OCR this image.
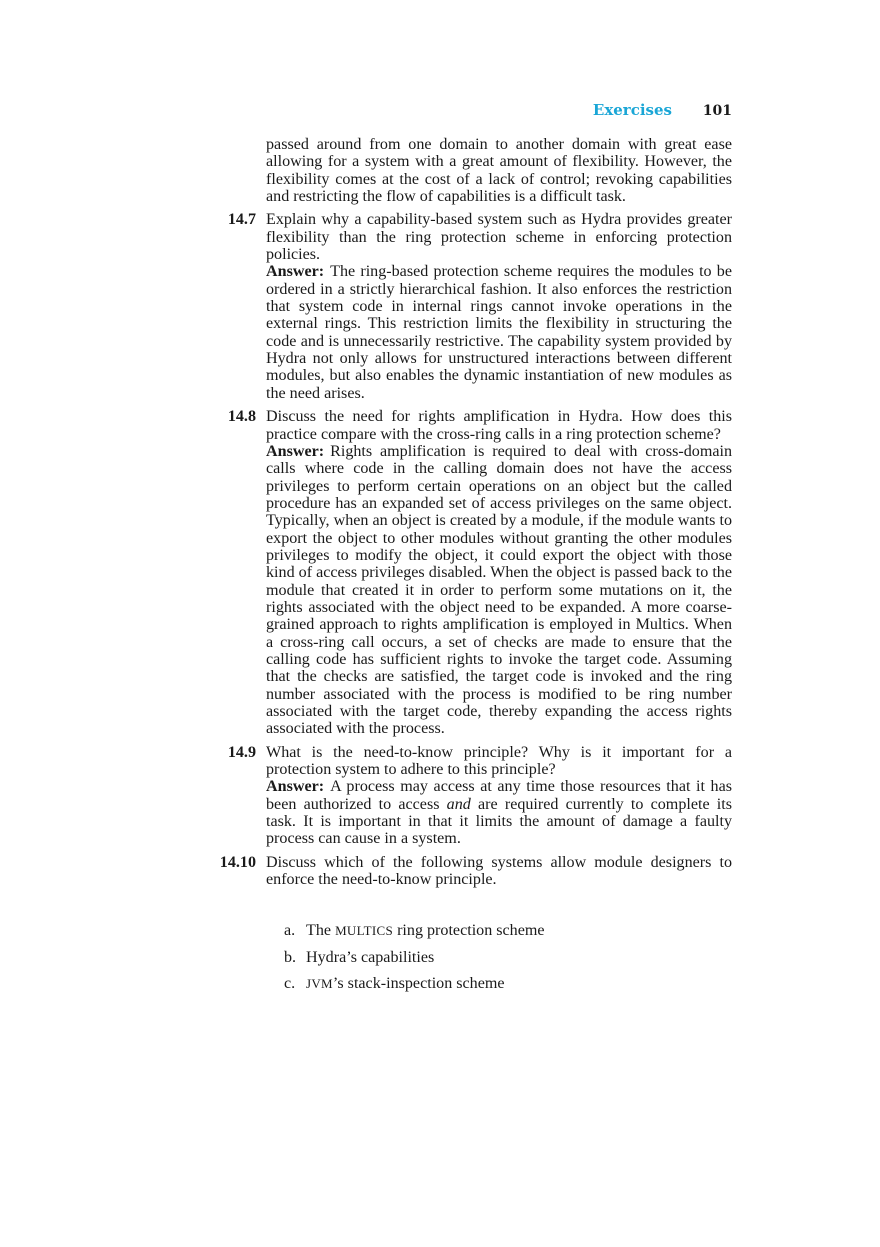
Exercises 101

passed around from one domain to another domain with great ease allowing for a system with a great amount of flexibility. However, the flexibility comes at the cost of a lack of control; revoking capabilities and restricting the flow of capabilities is a difficult task.

14.7 Explain why a capability-based system such as Hydra provides greater flexibility than the ring protection scheme in enforcing protection policies.

Answer: The ring-based protection scheme requires the modules to be ordered in a strictly hierarchical fashion. It also enforces the restriction that system code in internal rings cannot invoke operations in the external rings. This restriction limits the flexibility in structuring the code and is unnecessarily restrictive. The capability system provided by Hydra not only allows for unstructured interactions between different modules, but also enables the dynamic instantiation of new modules as the need arises.

14.8 Discuss the need for rights amplification in Hydra. How does this practice compare with the cross-ring calls in a ring protection scheme?

Answer: Rights amplification is required to deal with cross-domain calls where code in the calling domain does not have the access privileges to perform certain operations on an object but the called procedure has an expanded set of access privileges on the same object. Typically, when an object is created by a module, if the module wants to export the object to other modules without granting the other modules privileges to modify the object, it could export the object with those kind of access privileges disabled. When the object is passed back to the module that created it in order to perform some mutations on it, the rights associated with the object need to be expanded. A more coarse-grained approach to rights amplification is employed in Multics. When a cross-ring call occurs, a set of checks are made to ensure that the calling code has sufficient rights to invoke the target code. Assuming that the checks are satisfied, the target code is invoked and the ring number associated with the process is modified to be ring number associated with the target code, thereby expanding the access rights associated with the process.

14.9 What is the need-to-know principle? Why is it important for a protection system to adhere to this principle?

Answer: A process may access at any time those resources that it has been authorized to access and are required currently to complete its task. It is important in that it limits the amount of damage a faulty process can cause in a system.

14.10 Discuss which of the following systems allow module designers to enforce the need-to-know principle.

a. The MULTICS ring protection scheme
b. Hydra’s capabilities
c. JVM’s stack-inspection scheme
